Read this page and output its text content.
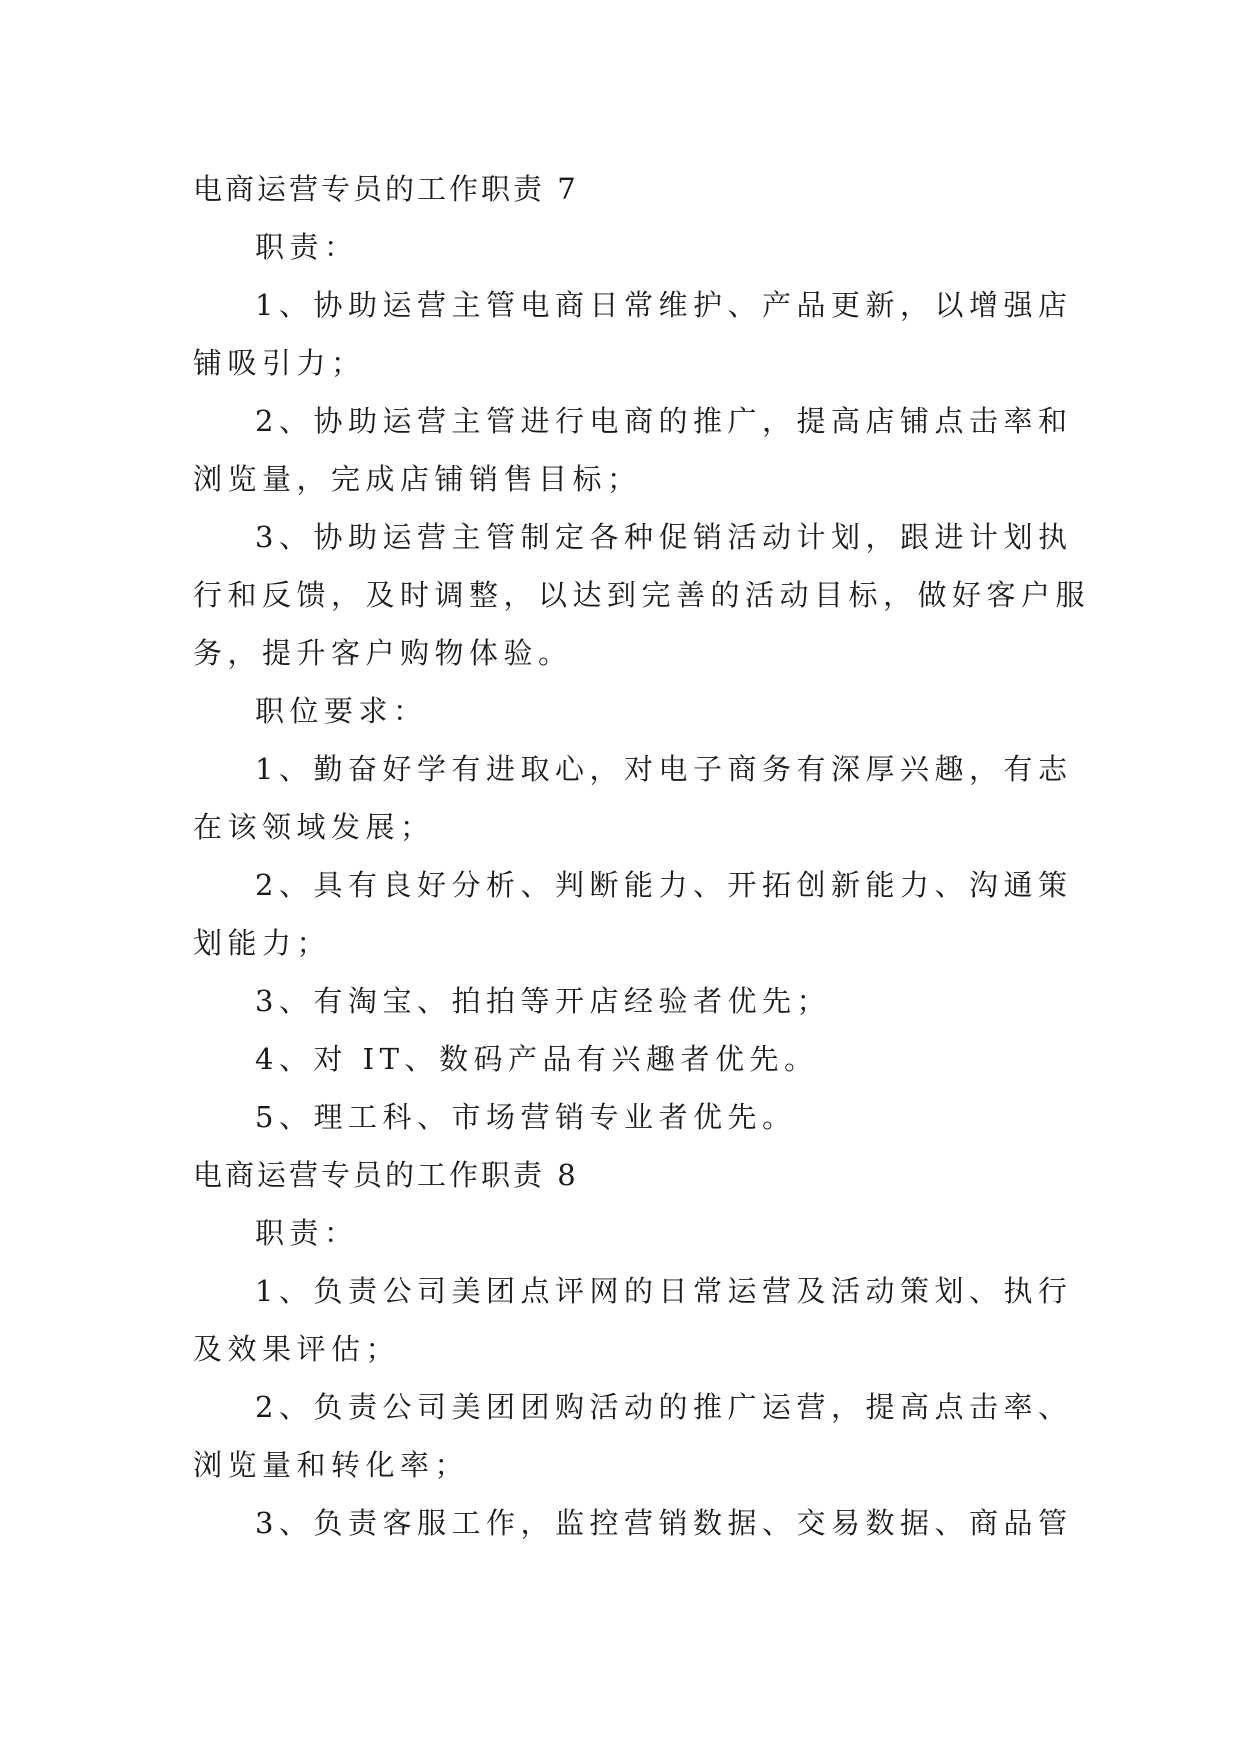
电商运营专员的工作职责 7
职责：
1、协助运营主管电商日常维护、产品更新，以增强店
铺吸引力；
2、协助运营主管进行电商的推广，提高店铺点击率和
浏览量，完成店铺销售目标；
3、协助运营主管制定各种促销活动计划，跟进计划执
行和反馈，及时调整，以达到完善的活动目标，做好客户服
务，提升客户购物体验。
职位要求：
1、勤奋好学有进取心，对电子商务有深厚兴趣，有志
在该领域发展；
2、具有良好分析、判断能力、开拓创新能力、沟通策
划能力；
3、有淘宝、拍拍等开店经验者优先；
4、对 IT、数码产品有兴趣者优先。
5、理工科、市场营销专业者优先。
电商运营专员的工作职责 8
职责：
1、负责公司美团点评网的日常运营及活动策划、执行
及效果评估；
2、负责公司美团团购活动的推广运营，提高点击率、
浏览量和转化率；
3、负责客服工作，监控营销数据、交易数据、商品管
